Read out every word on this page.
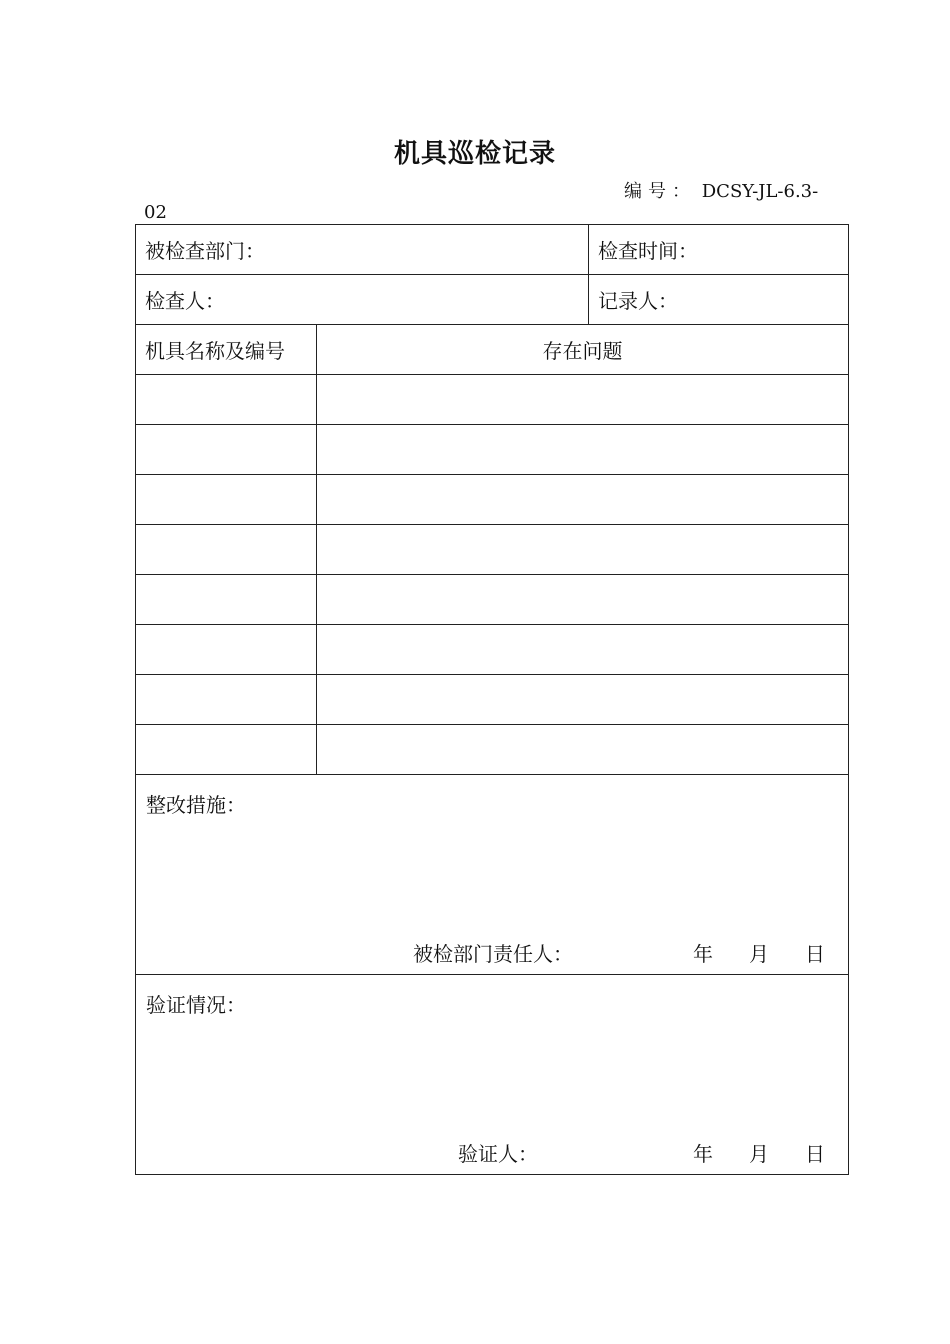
机具巡检记录
编号： DCSY-JL-6.3-
02
被检查部门：		检查时间：
检查人：		记录人：
机具名称及编号	存在问题	

整改措施：
被检部门责任人： 年 月 日		

验证情况：
验证人： 年 月 日		
